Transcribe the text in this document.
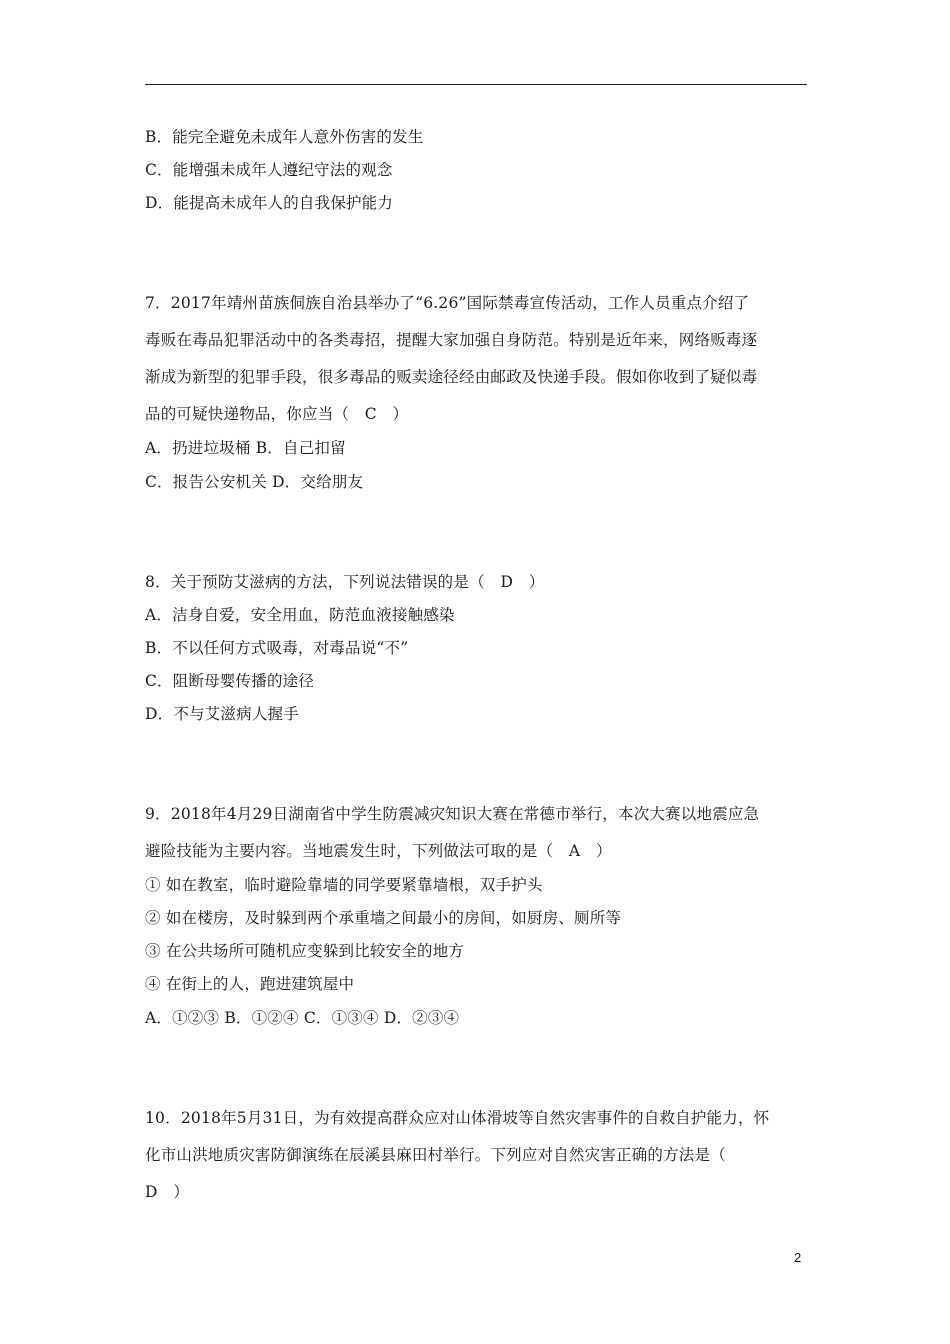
B．能完全避免未成年人意外伤害的发生
C．能增强未成年人遵纪守法的观念
D．能提高未成年人的自我保护能力
7．2017年靖州苗族侗族自治县举办了“6.26”国际禁毒宣传活动，工作人员重点介绍了
毒贩在毒品犯罪活动中的各类毒招，提醒大家加强自身防范。特别是近年来，网络贩毒逐
渐成为新型的犯罪手段，很多毒品的贩卖途径经由邮政及快递手段。假如你收到了疑似毒
品的可疑快递物品，你应当（　C　）
A．扔进垃圾桶 B．自己扣留
C．报告公安机关 D．交给朋友
8．关于预防艾滋病的方法，下列说法错误的是（　D　）
A．洁身自爱，安全用血，防范血液接触感染
B．不以任何方式吸毒，对毒品说“不”
C．阻断母婴传播的途径
D．不与艾滋病人握手
9．2018年4月29日湖南省中学生防震减灾知识大赛在常德市举行，本次大赛以地震应急
避险技能为主要内容。当地震发生时，下列做法可取的是（　A　）
① 如在教室，临时避险靠墙的同学要紧靠墙根，双手护头
② 如在楼房，及时躲到两个承重墙之间最小的房间，如厨房、厕所等
③ 在公共场所可随机应变躲到比较安全的地方
④ 在街上的人，跑进建筑屋中
A．①②③ B．①②④ C．①③④ D．②③④
10．2018年5月31日，为有效提高群众应对山体滑坡等自然灾害事件的自救自护能力，怀
化市山洪地质灾害防御演练在辰溪县麻田村举行。下列应对自然灾害正确的方法是（
D　）
2
